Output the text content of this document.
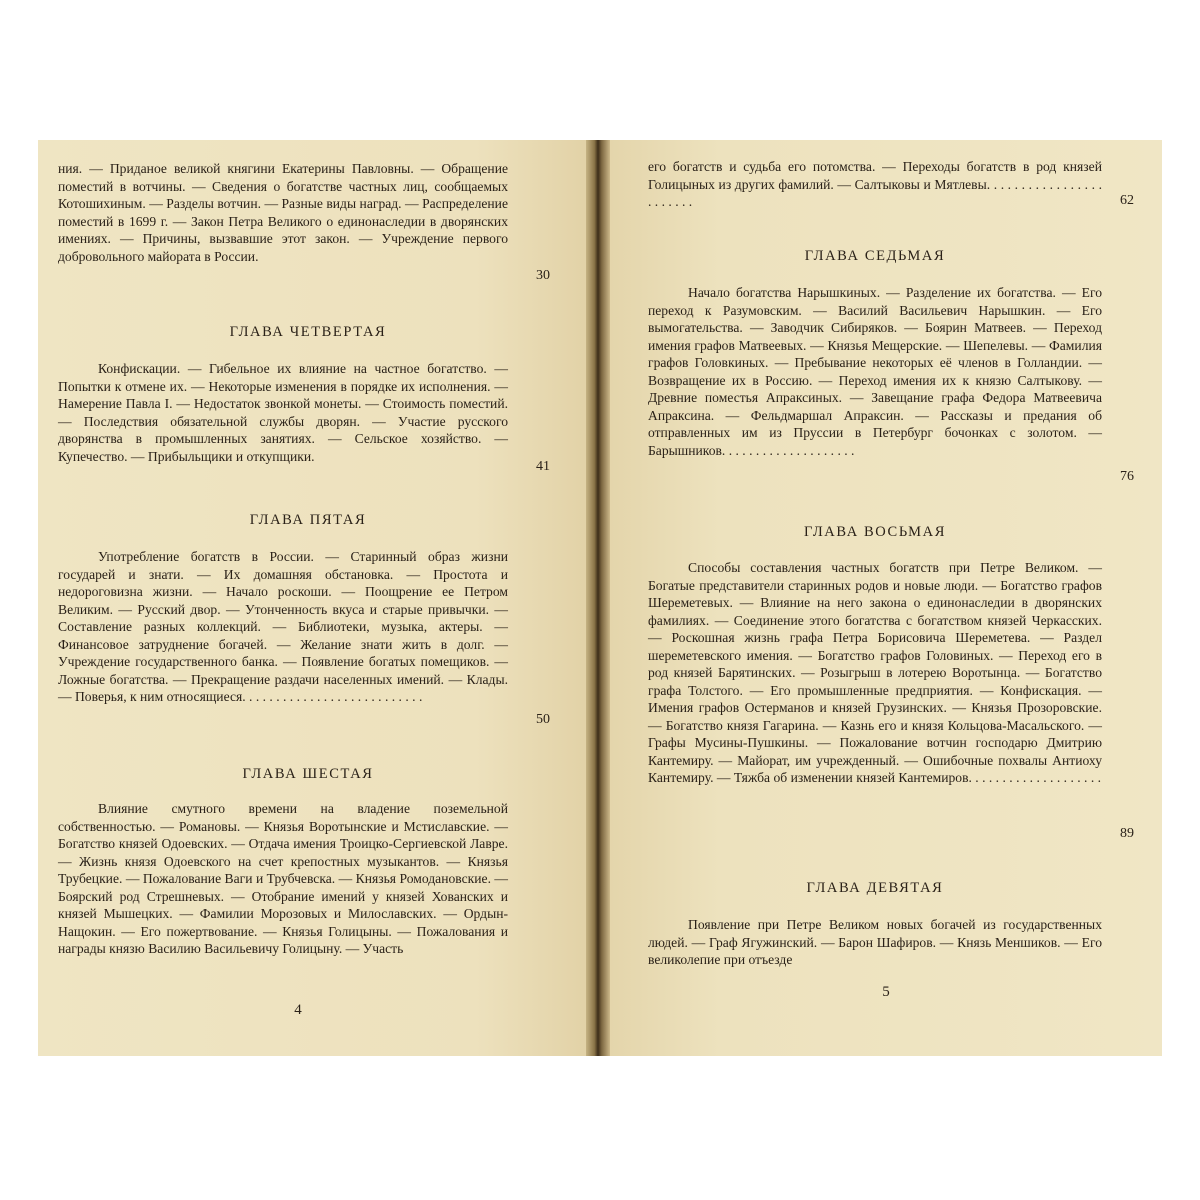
ния. — Приданое великой княгини Екатерины Павловны. — Обращение поместий в вотчины. — Сведения о богатстве частных лиц, сообщаемых Котошихиным. — Разделы вотчин. — Разные виды наград. — Распределение поместий в 1699 г. — Закон Петра Великого о единонаследии в дворянских имениях. — Причины, вызвавшие этот закон. — Учреждение первого добровольного майората в России.
30
ГЛАВА ЧЕТВЕРТАЯ
Конфискации. — Гибельное их влияние на частное богатство. — Попытки к отмене их. — Некоторые изменения в порядке их исполнения. — Намерение Павла I. — Недостаток звонкой монеты. — Стоимость поместий. — Последствия обязательной службы дворян. — Участие русского дворянства в промышленных занятиях. — Сельское хозяйство. — Купечество. — Прибыльщики и откупщики.
41
ГЛАВА ПЯТАЯ
Употребление богатств в России. — Старинный образ жизни государей и знати. — Их домашняя обстановка. — Простота и недороговизна жизни. — Начало роскоши. — Поощрение ее Петром Великим. — Русский двор. — Утонченность вкуса и старые привычки. — Составление разных коллекций. — Библиотеки, музыка, актеры. — Финансовое затруднение богачей. — Желание знати жить в долг. — Учреждение государственного банка. — Появление богатых помещиков. — Ложные богатства. — Прекращение раздачи населенных имений. — Клады. — Поверья, к ним относящиеся. . . . . . . . . . . . . . . . . . . . . . . . . . .
50
ГЛАВА ШЕСТАЯ
Влияние смутного времени на владение поземельной собственностью. — Романовы. — Князья Воротынские и Мстиславские. — Богатство князей Одоевских. — Отдача имения Троицко-Сергиевской Лавре. — Жизнь князя Одоевского на счет крепостных музыкантов. — Князья Трубецкие. — Пожалование Ваги и Трубчевска. — Князья Ромодановские. — Боярский род Стрешневых. — Отобрание имений у князей Хованских и князей Мышецких. — Фамилии Морозовых и Милославских. — Ордын-Нащокин. — Его пожертвование. — Князья Голицыны. — Пожалования и награды князю Василию Васильевичу Голицыну. — Участь
4
его богатств и судьба его потомства. — Переходы богатств в род князей Голицыных из других фамилий. — Салтыковы и Мятлевы. . . . . . . . . . . . . . . . . . . . . . . .	62
ГЛАВА СЕДЬМАЯ
Начало богатства Нарышкиных. — Разделение их богатства. — Его переход к Разумовским. — Василий Васильевич Нарышкин. — Его вымогательства. — Заводчик Сибиряков. — Боярин Матвеев. — Переход имения графов Матвеевых. — Князья Мещерские. — Шепелевы. — Фамилия графов Головкиных. — Пребывание некоторых её членов в Голландии. — Возвращение их в Россию. — Переход имения их к князю Салтыкову. — Древние поместья Апраксиных. — Завещание графа Федора Матвеевича Апраксина. — Фельдмаршал Апраксин. — Рассказы и предания об отправленных им из Пруссии в Петербург бочонках с золотом. — Барышников. . . . . . . . . . . . . . . . . . . .
76
ГЛАВА ВОСЬМАЯ
Способы составления частных богатств при Петре Великом. — Богатые представители старинных родов и новые люди. — Богатство графов Шереметевых. — Влияние на него закона о единонаследии в дворянских фамилиях. — Соединение этого богатства с богатством князей Черкасских. — Роскошная жизнь графа Петра Борисовича Шереметева. — Раздел шереметевского имения. — Богатство графов Головиных. — Переход его в род князей Барятинских. — Розыгрыш в лотерею Воротынца. — Богатство графа Толстого. — Его промышленные предприятия. — Конфискация. — Имения графов Остерманов и князей Грузинских. — Князья Прозоровские. — Богатство князя Гагарина. — Казнь его и князя Кольцова-Масальского. — Графы Мусины-Пушкины. — Пожалование вотчин господарю Дмитрию Кантемиру. — Майорат, им учрежденный. — Ошибочные похвалы Антиоху Кантемиру. — Тяжба об изменении князей Кантемиров. . . . . . . . . . . . . . . . . . . .
89
ГЛАВА ДЕВЯТАЯ
Появление при Петре Великом новых богачей из государственных людей. — Граф Ягужинский. — Барон Шафиров. — Князь Меншиков. — Его великолепие при отъезде
5
